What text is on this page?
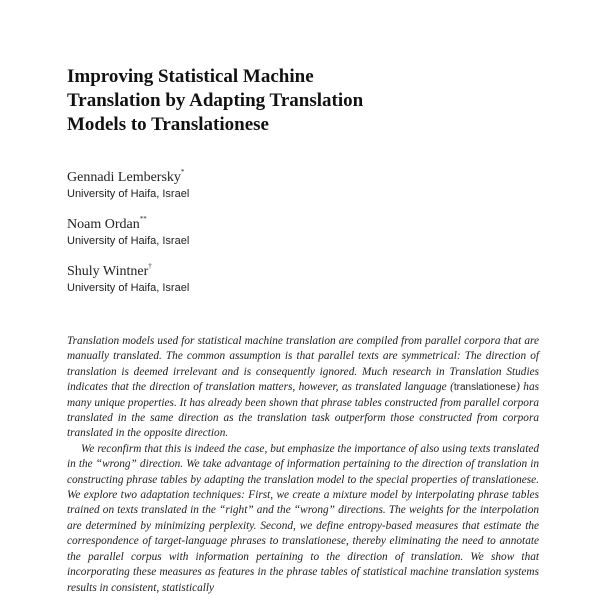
Improving Statistical Machine
Translation by Adapting Translation
Models to Translationese
Gennadi Lembersky*
University of Haifa, Israel
Noam Ordan**
University of Haifa, Israel
Shuly Wintner†
University of Haifa, Israel

Translation models used for statistical machine translation are compiled from parallel corpora that are manually translated. The common assumption is that parallel texts are symmetrical: The direction of translation is deemed irrelevant and is consequently ignored. Much research in Translation Studies indicates that the direction of translation matters, however, as translated language (translationese) has many unique properties. It has already been shown that phrase tables constructed from parallel corpora translated in the same direction as the translation task outperform those constructed from corpora translated in the opposite direction.

We reconfirm that this is indeed the case, but emphasize the importance of also using texts translated in the “wrong” direction. We take advantage of information pertaining to the direction of translation in constructing phrase tables by adapting the translation model to the special properties of translationese. We explore two adaptation techniques: First, we create a mixture model by interpolating phrase tables trained on texts translated in the “right” and the “wrong” directions. The weights for the interpolation are determined by minimizing perplexity. Second, we define entropy-based measures that estimate the correspondence of target-language phrases to translationese, thereby eliminating the need to annotate the parallel corpus with information pertaining to the direction of translation. We show that incorporating these measures as features in the phrase tables of statistical machine translation systems results in consistent, statistically
